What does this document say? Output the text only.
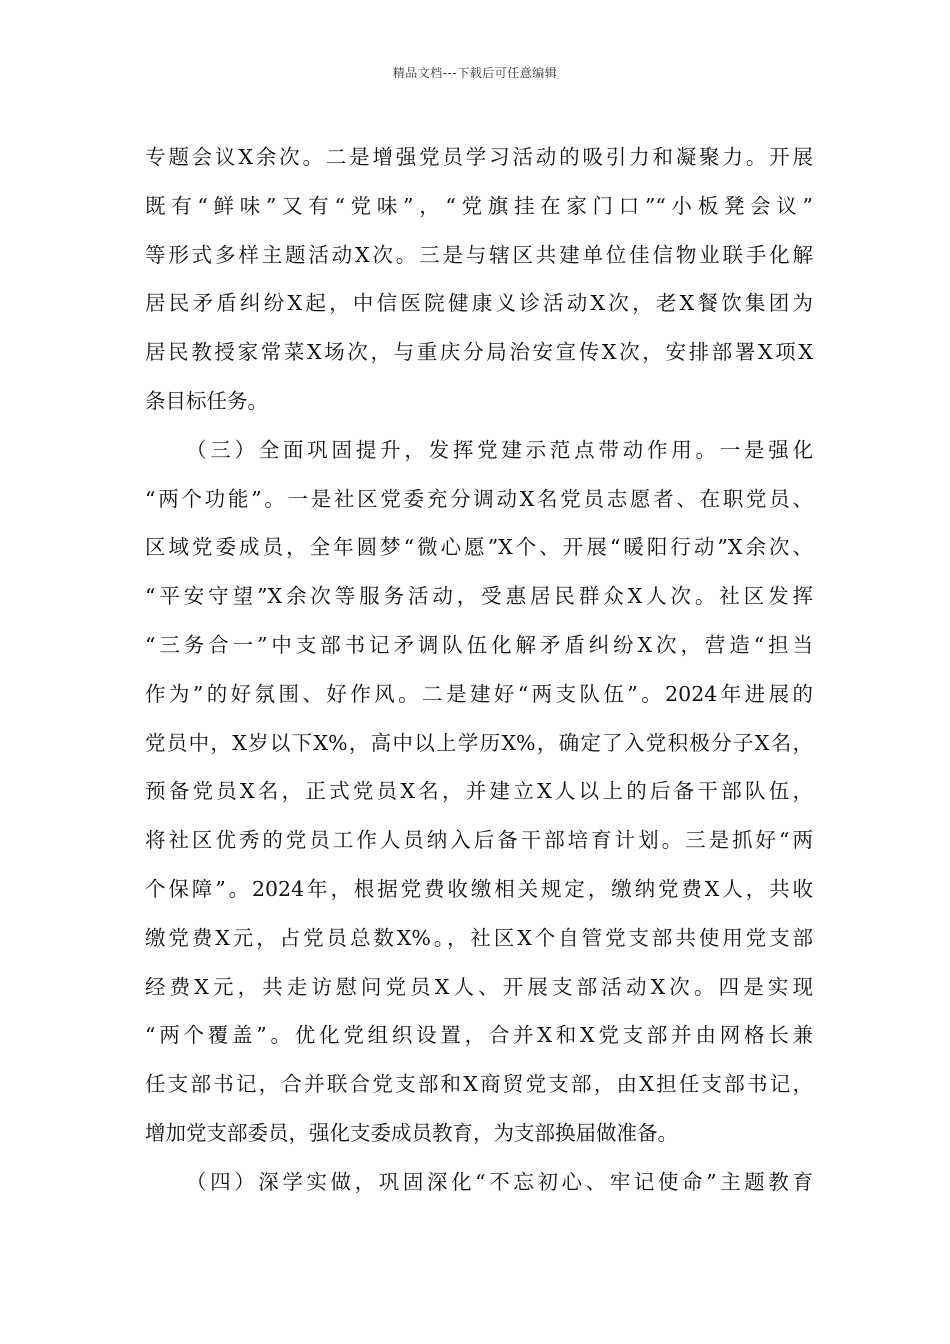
精品文档---下载后可任意编辑
专题会议X余次。二是增强党员学习活动的吸引力和凝聚力。开展
既有“鲜味”又有“党味”，“党旗挂在家门口”“小板凳会议”
等形式多样主题活动X次。三是与辖区共建单位佳信物业联手化解
居民矛盾纠纷X起，中信医院健康义诊活动X次，老X餐饮集团为
居民教授家常菜X场次，与重庆分局治安宣传X次，安排部署X项X
条目标任务。
（三）全面巩固提升，发挥党建示范点带动作用。一是强化
“两个功能”。一是社区党委充分调动X名党员志愿者、在职党员、
区域党委成员，全年圆梦“微心愿”X个、开展“暖阳行动”X余次、
“平安守望”X余次等服务活动，受惠居民群众X人次。社区发挥
“三务合一”中支部书记矛调队伍化解矛盾纠纷X次，营造“担当
作为”的好氛围、好作风。二是建好“两支队伍”。2024年进展的
党员中，X岁以下X%，高中以上学历X%，确定了入党积极分子X名，
预备党员X名，正式党员X名，并建立X人以上的后备干部队伍，
将社区优秀的党员工作人员纳入后备干部培育计划。三是抓好“两
个保障”。2024年，根据党费收缴相关规定，缴纳党费X人，共收
缴党费X元，占党员总数X%。，社区X个自管党支部共使用党支部
经费X元，共走访慰问党员X人、开展支部活动X次。四是实现
“两个覆盖”。优化党组织设置，合并X和X党支部并由网格长兼
任支部书记，合并联合党支部和X商贸党支部，由X担任支部书记，
增加党支部委员，强化支委成员教育，为支部换届做准备。
（四）深学实做，巩固深化“不忘初心、牢记使命”主题教育
